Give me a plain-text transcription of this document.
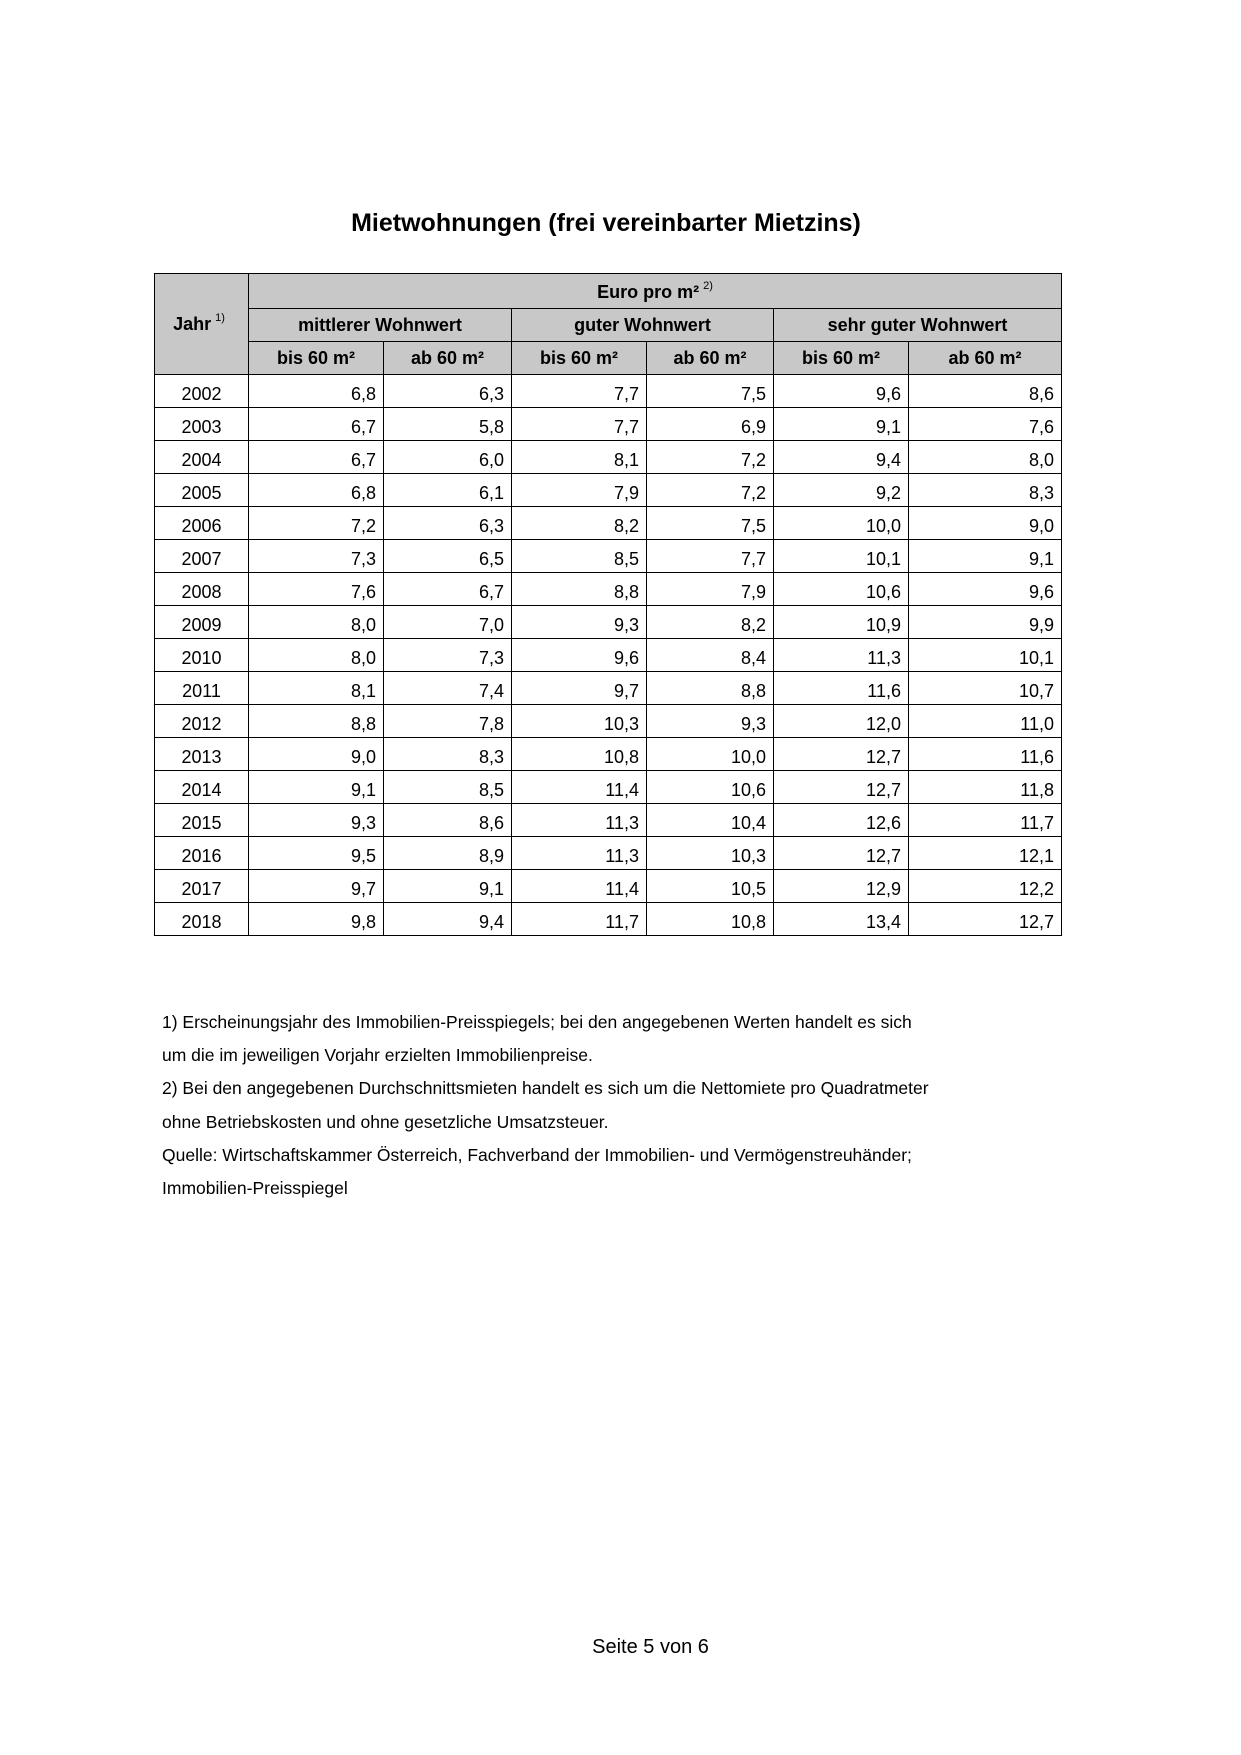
Mietwohnungen (frei vereinbarter Mietzins)
Jahr $^{1)}$	Euro pro m² $^{2)}$
	mittlerer Wohnwert		guter Wohnwert		sehr guter Wohnwert	
	bis 60 m²	ab 60 m²	bis 60 m²	ab 60 m²	bis 60 m²	ab 60 m²
2002	6,8	6,3	7,7	7,5	9,6	8,6
2003	6,7	5,8	7,7	6,9	9,1	7,6
2004	6,7	6,0	8,1	7,2	9,4	8,0
2005	6,8	6,1	7,9	7,2	9,2	8,3
2006	7,2	6,3	8,2	7,5	10,0	9,0
2007	7,3	6,5	8,5	7,7	10,1	9,1
2008	7,6	6,7	8,8	7,9	10,6	9,6
2009	8,0	7,0	9,3	8,2	10,9	9,9
2010	8,0	7,3	9,6	8,4	11,3	10,1
2011	8,1	7,4	9,7	8,8	11,6	10,7
2012	8,8	7,8	10,3	9,3	12,0	11,0
2013	9,0	8,3	10,8	10,0	12,7	11,6
2014	9,1	8,5	11,4	10,6	12,7	11,8
2015	9,3	8,6	11,3	10,4	12,6	11,7
2016	9,5	8,9	11,3	10,3	12,7	12,1
2017	9,7	9,1	11,4	10,5	12,9	12,2
2018	9,8	9,4	11,7	10,8	13,4	12,7
1) Erscheinungsjahr des Immobilien-Preisspiegels; bei den angegebenen Werten handelt es sich
um die im jeweiligen Vorjahr erzielten Immobilienpreise.
2) Bei den angegebenen Durchschnittsmieten handelt es sich um die Nettomiete pro Quadratmeter
ohne Betriebskosten und ohne gesetzliche Umsatzsteuer.
Quelle: Wirtschaftskammer Österreich, Fachverband der Immobilien- und Vermögenstreuhänder;
Immobilien-Preisspiegel
Seite 5 von 6
